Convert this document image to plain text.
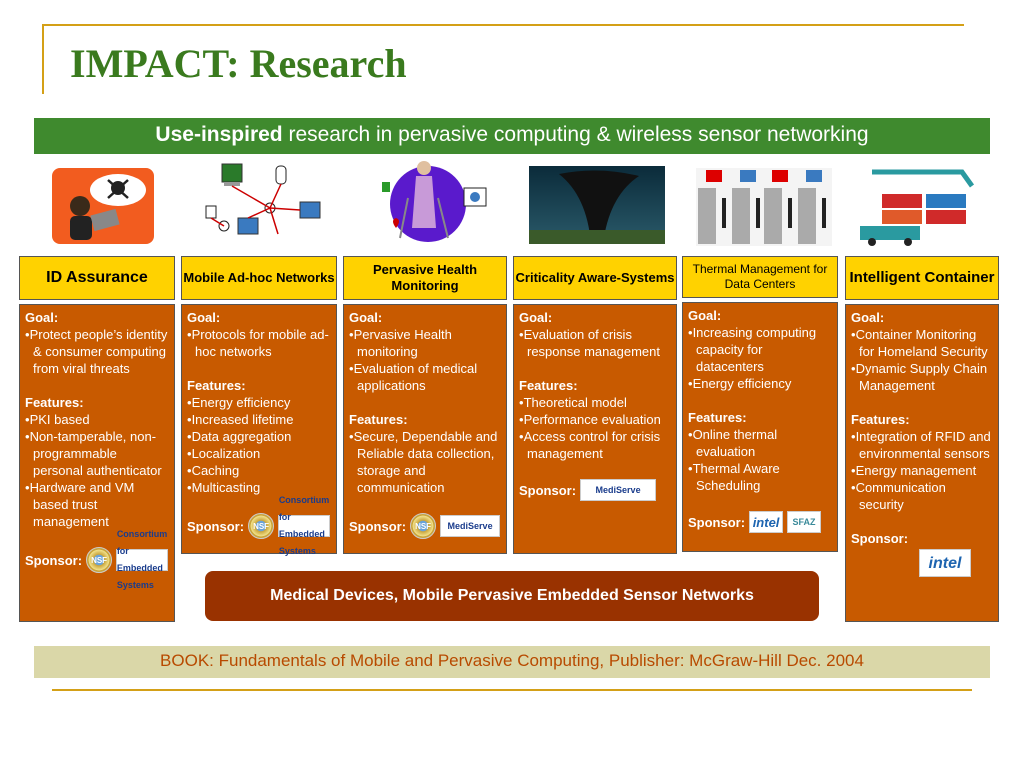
IMPACT: Research
Use-inspired research in pervasive computing & wireless sensor networking
ID Assurance
Goal:
• Protect people’s identity & consumer computing from viral threats
Features:
• PKI based
• Non-tamperable, non-programmable personal authenticator
• Hardware and VM based trust management
Sponsor:	NSF
Consortium for Embedded Systems
Mobile Ad-hoc Networks
Goal:
• Protocols for mobile ad-hoc networks
Features:
• Energy efficiency
• Increased lifetime
• Data aggregation
• Localization
• Caching
• Multicasting
Sponsor:	NSF
Consortium for Embedded Systems
Pervasive Health Monitoring
Goal:
• Pervasive Health monitoring
• Evaluation of medical applications
Features:
• Secure, Dependable and Reliable data collection, storage and communication
Sponsor:	NSF	MediServe
Criticality Aware-Systems
Goal:
• Evaluation of crisis response management
Features:
• Theoretical model
• Performance evaluation
• Access control for crisis management
Sponsor:	MediServe
Thermal Management for Data Centers
Goal:
• Increasing computing capacity for datacenters
• Energy efficiency
Features:
• Online thermal evaluation
• Thermal Aware Scheduling
Sponsor: intel	SFAZ
Intelligent Container
Goal:
• Container Monitoring for Homeland Security
• Dynamic Supply Chain Management
Features:
• Integration of RFID and environmental sensors
• Energy management
• Communication security
Sponsor:
intel
Medical Devices, Mobile Pervasive Embedded Sensor Networks
BOOK: Fundamentals of Mobile and Pervasive Computing, Publisher: McGraw-Hill Dec. 2004
